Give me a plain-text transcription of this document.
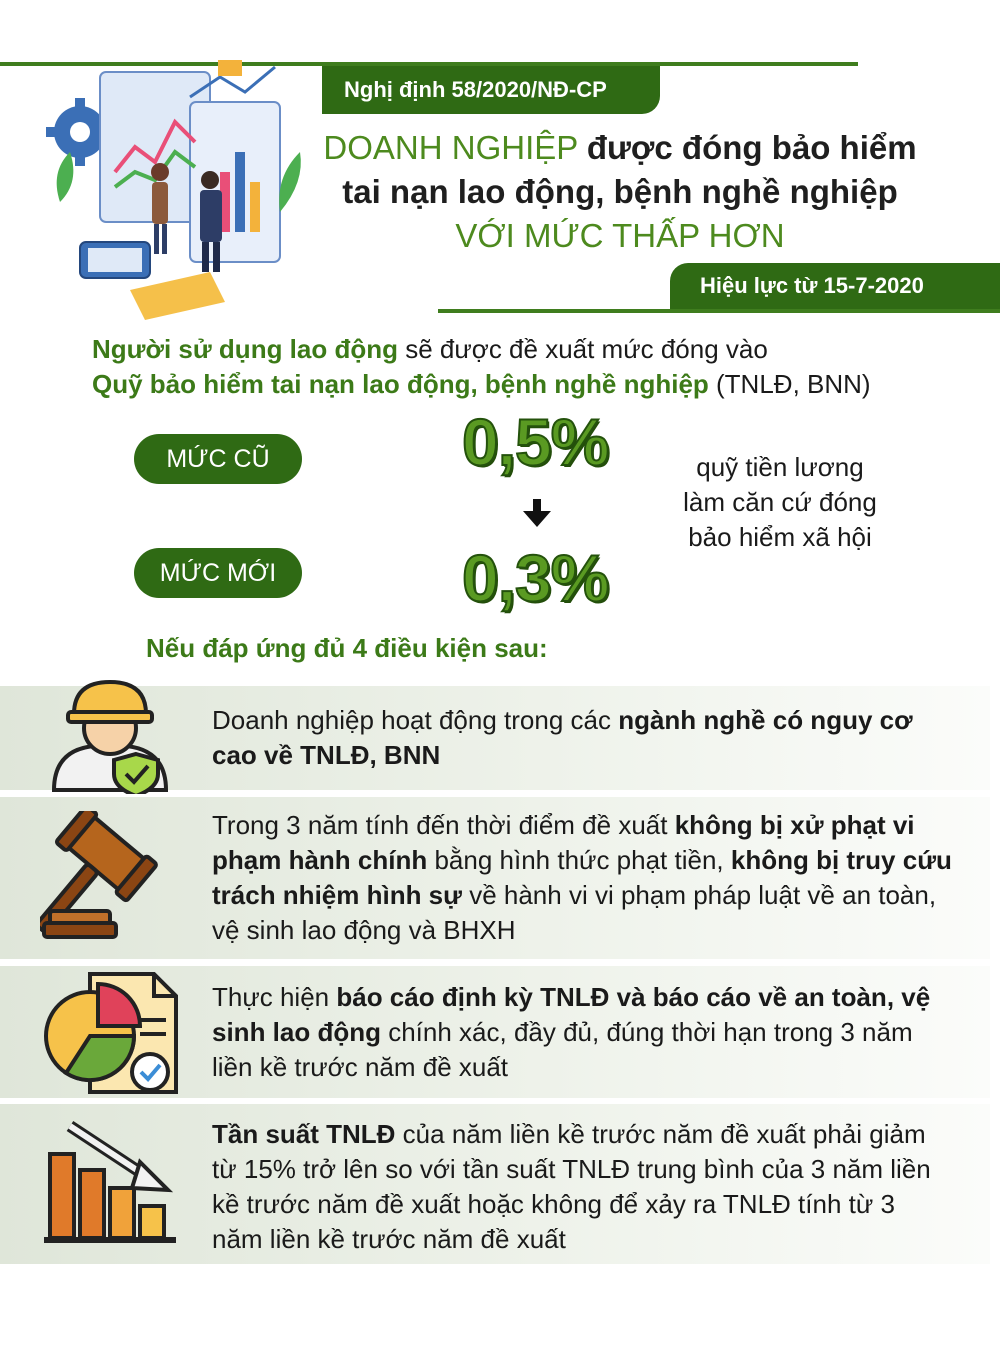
Nghị định 58/2020/NĐ-CP
DOANH NGHIỆP được đóng bảo hiểm
tai nạn lao động, bệnh nghề nghiệp
VỚI MỨC THẤP HƠN
Hiệu lực từ 15-7-2020
Người sử dụng lao động sẽ được đề xuất mức đóng vào
Quỹ bảo hiểm tai nạn lao động, bệnh nghề nghiệp (TNLĐ, BNN)
MỨC CŨ	0,5%
MỨC MỚI	0,3%
quỹ tiền lương
làm căn cứ đóng
bảo hiểm xã hội
Nếu đáp ứng đủ 4 điều kiện sau:
Doanh nghiệp hoạt động trong các ngành nghề có nguy cơ cao về TNLĐ, BNN
Trong 3 năm tính đến thời điểm đề xuất không bị xử phạt vi phạm hành chính bằng hình thức phạt tiền, không bị truy cứu trách nhiệm hình sự về hành vi vi phạm pháp luật về an toàn, vệ sinh lao động và BHXH
Thực hiện báo cáo định kỳ TNLĐ và báo cáo về an toàn, vệ sinh lao động chính xác, đầy đủ, đúng thời hạn trong 3 năm liền kề trước năm đề xuất
Tần suất TNLĐ của năm liền kề trước năm đề xuất phải giảm từ 15% trở lên so với tần suất TNLĐ trung bình của 3 năm liền kề trước năm đề xuất hoặc không để xảy ra TNLĐ tính từ 3 năm liền kề trước năm đề xuất
